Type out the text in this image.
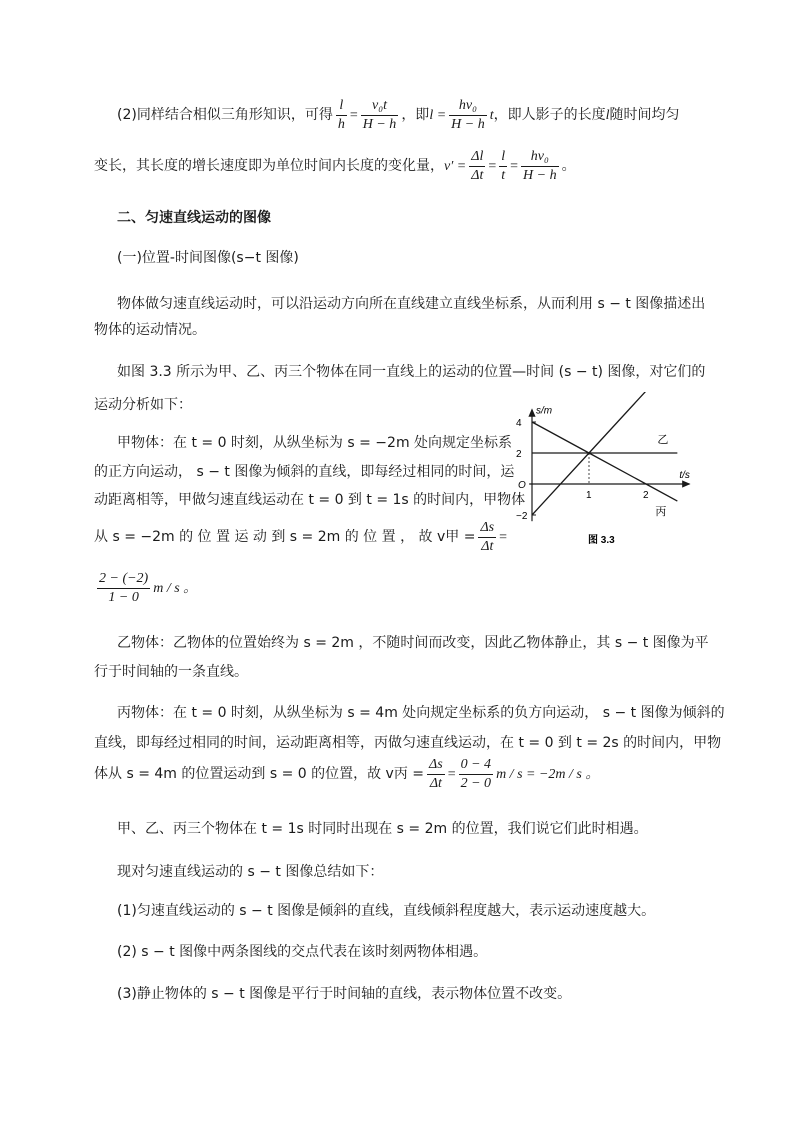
(2)同样结合相似三角形知识，可得 $\frac{l}{h} = \frac{\text{v₀t}}{H - h}$ ，即$l = \frac{\text{hv₀}}{H - h}$ t，即人影子的长度l随时间均匀
变长，其长度的增长速度即为单位时间内长度的变化量，$v' = \frac{\Delta l}{\Delta t} = \frac{l}{t} = \frac{\text{hv₀}}{H - h}$ 。
二、匀速直线运动的图像
(一)位置-时间图像(s−t 图像)
物体做匀速直线运动时，可以沿运动方向所在直线建立直线坐标系，从而利用 s − t 图像描述出
物体的运动情况。
如图 3.3 所示为甲、乙、丙三个物体在同一直线上的运动的位置—时间 (s − t) 图像，对它们的
运动分析如下：
甲物体：在 t = 0 时刻，从纵坐标为 s = −2m 处向规定坐标系
的正方向运动， s − t 图像为倾斜的直线，即每经过相同的时间，运
动距离相等，甲做匀速直线运动在 t = 0 到 t = 1s 的时间内，甲物体
从 s = −2m 的 位 置 运 动 到 s = 2m 的 位 置 ， 故 v甲 = $\frac{\Delta s}{\Delta t}$ =
$\frac{2 - (-2)}{1 - 0}$ m / s 。
s/m
t/s
O
4
2
−2
1	2
乙
丙
图 3.3
乙物体：乙物体的位置始终为 s = 2m ，不随时间而改变，因此乙物体静止，其 s − t 图像为平
行于时间轴的一条直线。
丙物体：在 t = 0 时刻，从纵坐标为 s = 4m 处向规定坐标系的负方向运动， s − t 图像为倾斜的
直线，即每经过相同的时间，运动距离相等，丙做匀速直线运动，在 t = 0 到 t = 2s 的时间内，甲物
体从 s = 4m 的位置运动到 s = 0 的位置，故 v丙 = $\frac{\Delta s}{\Delta t} = \frac{0 - 4}{2 - 0}$ m / s = −2m / s 。
甲、乙、丙三个物体在 t = 1s 时同时出现在 s = 2m 的位置，我们说它们此时相遇。
现对匀速直线运动的 s − t 图像总结如下：
(1)匀速直线运动的 s − t 图像是倾斜的直线，直线倾斜程度越大，表示运动速度越大。
(2) s − t 图像中两条图线的交点代表在该时刻两物体相遇。
(3)静止物体的 s − t 图像是平行于时间轴的直线，表示物体位置不改变。
